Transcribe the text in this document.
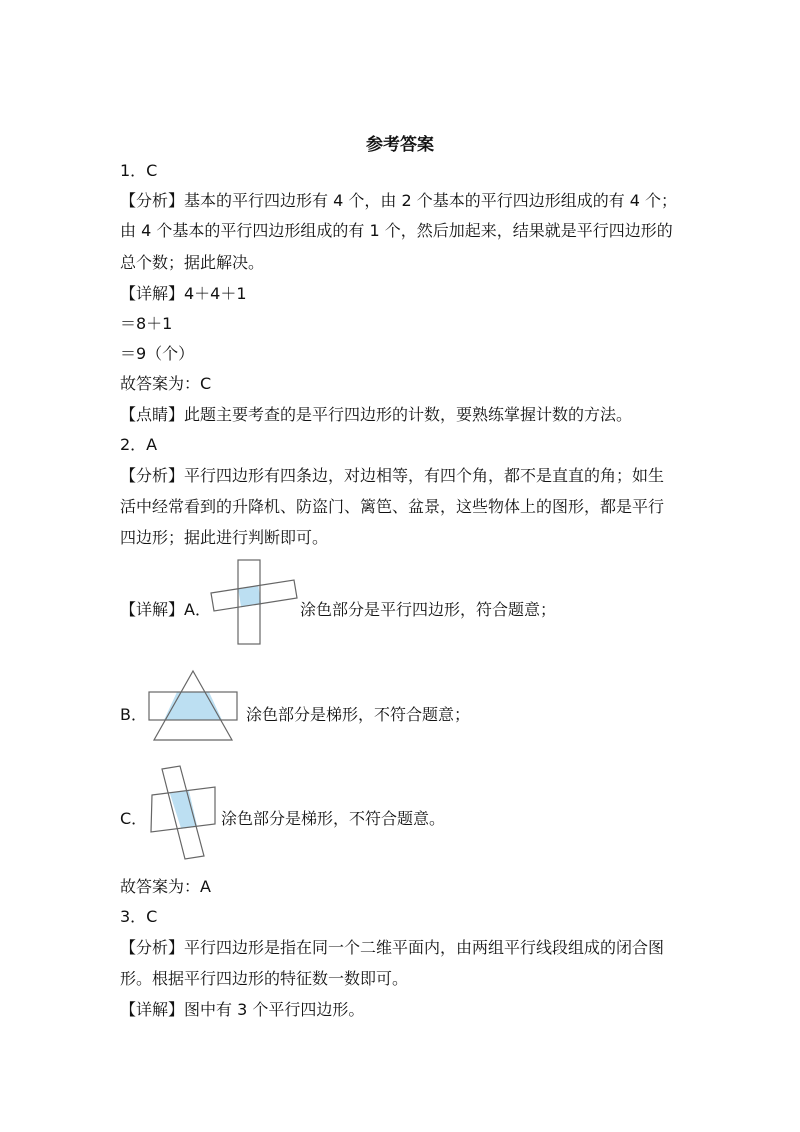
参考答案
1．C
【分析】基本的平行四边形有 4 个，由 2 个基本的平行四边形组成的有 4 个；
由 4 个基本的平行四边形组成的有 1 个，然后加起来，结果就是平行四边形的
总个数；据此解决。
【详解】4＋4＋1
＝8＋1
＝9（个）
故答案为：C
【点睛】此题主要考查的是平行四边形的计数，要熟练掌握计数的方法。
2．A
【分析】平行四边形有四条边，对边相等，有四个角，都不是直直的角；如生
活中经常看到的升降机、防盗门、篱笆、盆景，这些物体上的图形，都是平行
四边形；据此进行判断即可。
【详解】A．	涂色部分是平行四边形，符合题意；
B．	涂色部分是梯形，不符合题意；
C．	涂色部分是梯形，不符合题意。
故答案为：A
3．C
【分析】平行四边形是指在同一个二维平面内，由两组平行线段组成的闭合图
形。根据平行四边形的特征数一数即可。
【详解】图中有 3 个平行四边形。
